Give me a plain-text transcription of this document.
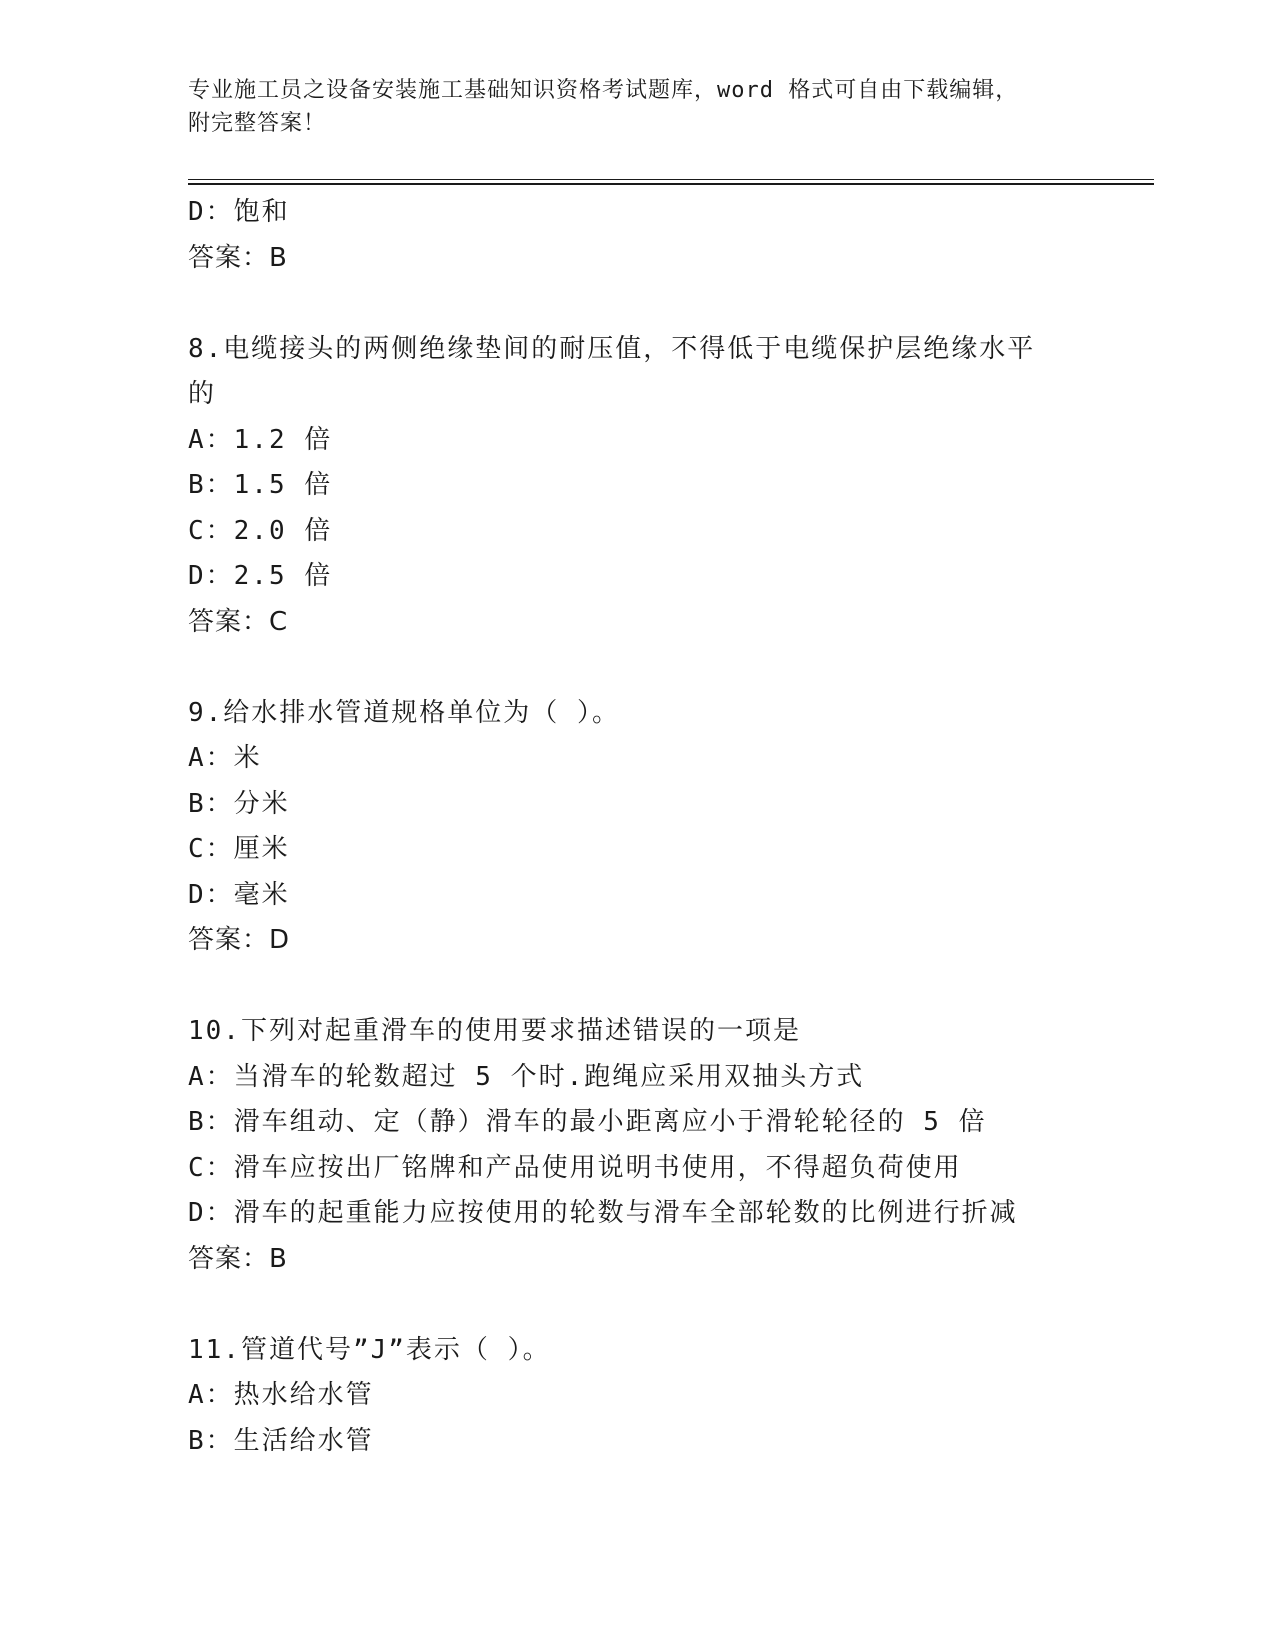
专业施工员之设备安装施工基础知识资格考试题库，word 格式可自由下载编辑，
附完整答案！
D：饱和
答案：B
8.电缆接头的两侧绝缘垫间的耐压值，不得低于电缆保护层绝缘水平
的
A：1.2 倍
B：1.5 倍
C：2.0 倍
D：2.5 倍
答案：C
9.给水排水管道规格单位为（ ）。
A：米
B：分米
C：厘米
D：毫米
答案：D
10.下列对起重滑车的使用要求描述错误的一项是
A：当滑车的轮数超过 5 个时.跑绳应采用双抽头方式
B：滑车组动、定（静）滑车的最小距离应小于滑轮轮径的 5 倍
C：滑车应按出厂铭牌和产品使用说明书使用，不得超负荷使用
D：滑车的起重能力应按使用的轮数与滑车全部轮数的比例进行折减
答案：B
11.管道代号”J”表示（ ）。
A：热水给水管
B：生活给水管
